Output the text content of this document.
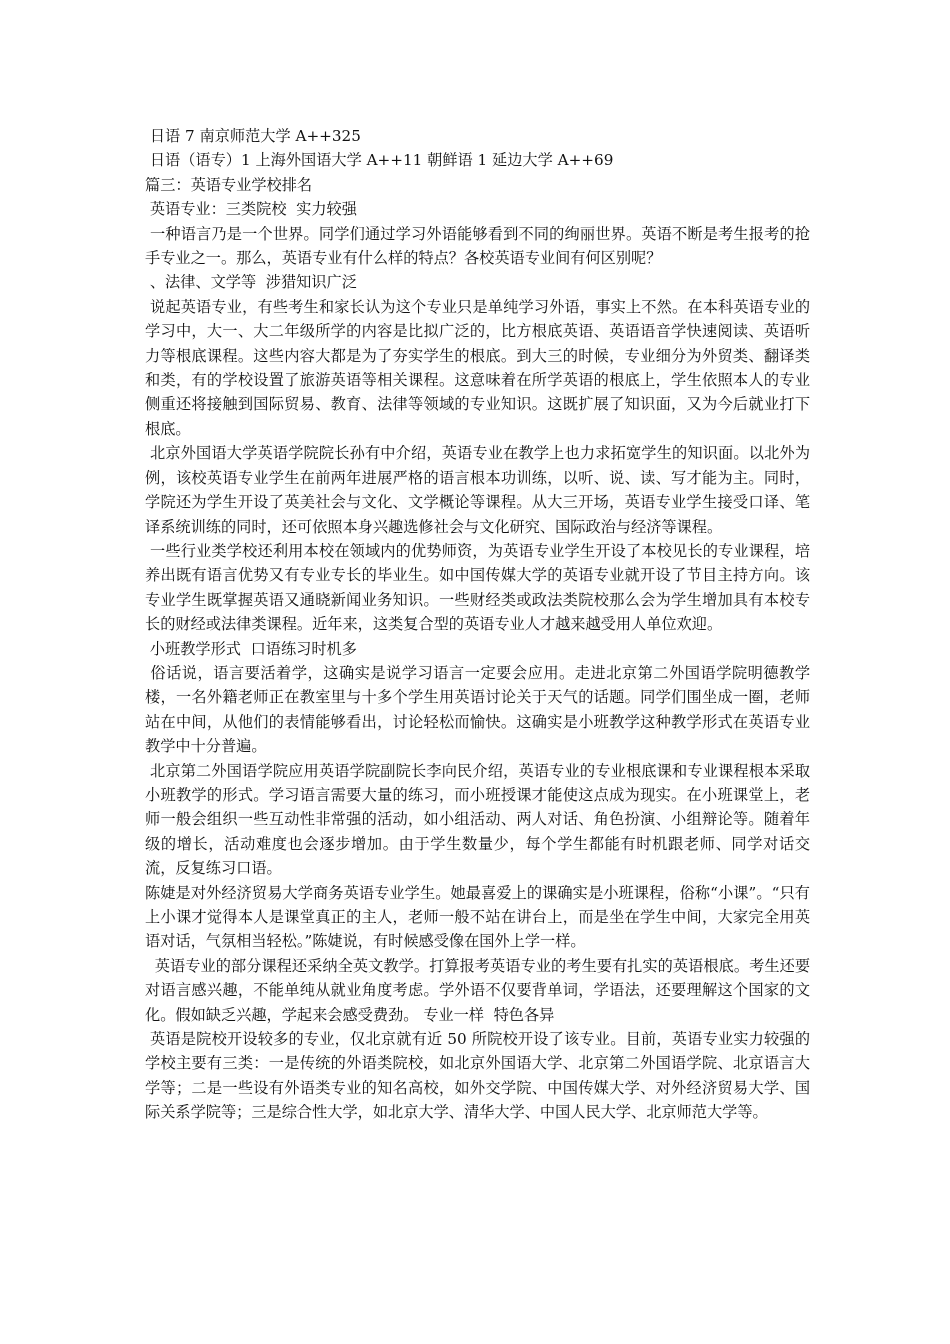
日语 7 南京师范大学 A++325
日语（语专）1 上海外国语大学 A++11 朝鲜语 1 延边大学 A++69
篇三：英语专业学校排名
英语专业：三类院校  实力较强

一种语言乃是一个世界。同学们通过学习外语能够看到不同的绚丽世界。英语不断是考生报考的抢手专业之一。那么，英语专业有什么样的特点？各校英语专业间有何区别呢？

、法律、文学等  涉猎知识广泛

说起英语专业，有些考生和家长认为这个专业只是单纯学习外语，事实上不然。在本科英语专业的学习中，大一、大二年级所学的内容是比拟广泛的，比方根底英语、英语语音学快速阅读、英语听力等根底课程。这些内容大都是为了夯实学生的根底。到大三的时候，专业细分为外贸类、翻译类和类，有的学校设置了旅游英语等相关课程。这意味着在所学英语的根底上，学生依照本人的专业侧重还将接触到国际贸易、教育、法律等领域的专业知识。这既扩展了知识面，又为今后就业打下根底。

北京外国语大学英语学院院长孙有中介绍，英语专业在教学上也力求拓宽学生的知识面。以北外为例，该校英语专业学生在前两年进展严格的语言根本功训练，以听、说、读、写才能为主。同时，学院还为学生开设了英美社会与文化、文学概论等课程。从大三开场，英语专业学生接受口译、笔译系统训练的同时，还可依照本身兴趣选修社会与文化研究、国际政治与经济等课程。

一些行业类学校还利用本校在领域内的优势师资，为英语专业学生开设了本校见长的专业课程，培养出既有语言优势又有专业专长的毕业生。如中国传媒大学的英语专业就开设了节目主持方向。该专业学生既掌握英语又通晓新闻业务知识。一些财经类或政法类院校那么会为学生增加具有本校专长的财经或法律类课程。近年来，这类复合型的英语专业人才越来越受用人单位欢迎。

小班教学形式  口语练习时机多

俗话说，语言要活着学，这确实是说学习语言一定要会应用。走进北京第二外国语学院明德教学楼，一名外籍老师正在教室里与十多个学生用英语讨论关于天气的话题。同学们围坐成一圈，老师站在中间，从他们的表情能够看出，讨论轻松而愉快。这确实是小班教学这种教学形式在英语专业教学中十分普遍。

北京第二外国语学院应用英语学院副院长李向民介绍，英语专业的专业根底课和专业课程根本采取小班教学的形式。学习语言需要大量的练习，而小班授课才能使这点成为现实。在小班课堂上，老师一般会组织一些互动性非常强的活动，如小组活动、两人对话、角色扮演、小组辩论等。随着年级的增长，活动难度也会逐步增加。由于学生数量少，每个学生都能有时机跟老师、同学对话交流，反复练习口语。

陈婕是对外经济贸易大学商务英语专业学生。她最喜爱上的课确实是小班课程，俗称“小课”。“只有上小课才觉得本人是课堂真正的主人，老师一般不站在讲台上，而是坐在学生中间，大家完全用英语对话，气氛相当轻松。”陈婕说，有时候感受像在国外上学一样。

英语专业的部分课程还采纳全英文教学。打算报考英语专业的考生要有扎实的英语根底。考生还要对语言感兴趣，不能单纯从就业角度考虑。学外语不仅要背单词，学语法，还要理解这个国家的文化。假如缺乏兴趣，学起来会感受费劲。 专业一样  特色各异

英语是院校开设较多的专业，仅北京就有近 50 所院校开设了该专业。目前，英语专业实力较强的学校主要有三类：一是传统的外语类院校，如北京外国语大学、北京第二外国语学院、北京语言大学等；二是一些设有外语类专业的知名高校，如外交学院、中国传媒大学、对外经济贸易大学、国际关系学院等；三是综合性大学，如北京大学、清华大学、中国人民大学、北京师范大学等。
